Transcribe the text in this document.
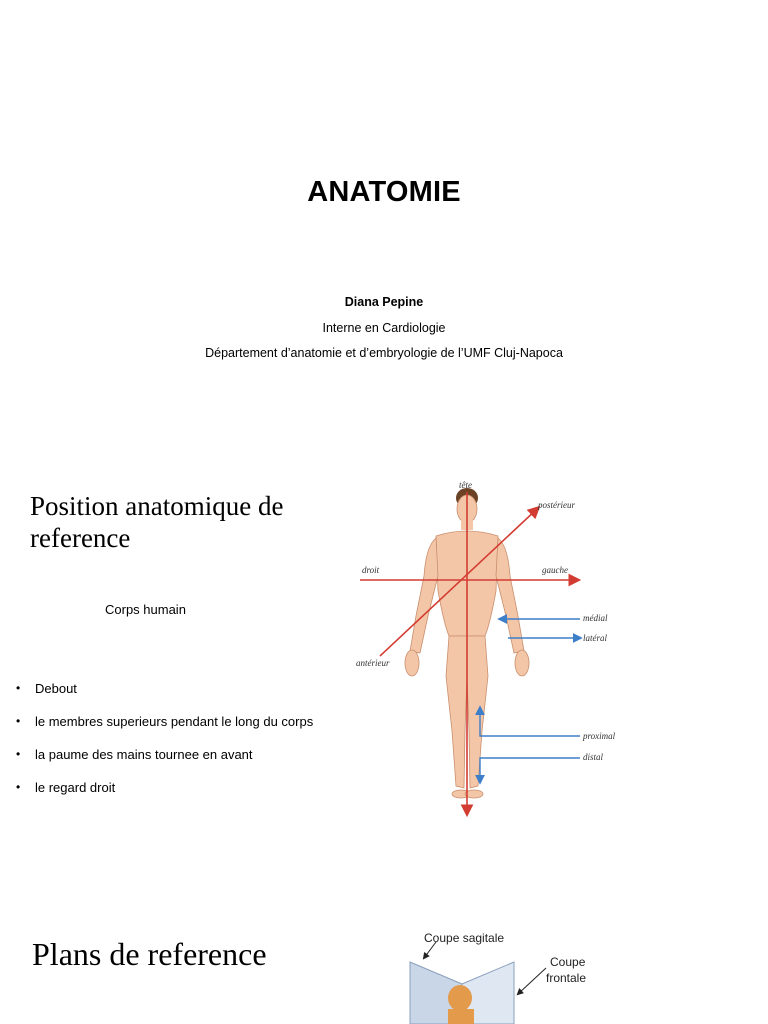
ANATOMIE
Diana Pepine
Interne en Cardiologie
Département d’anatomie et d’embryologie de l’UMF Cluj-Napoca
Position anatomique de reference
Corps humain
• Debout
• le membres superieurs pendant le long du corps
• la paume des mains tournee en avant
• le regard droit
tête
postérieur
droit	gauche
médial
latéral
antérieur
proximal
distal
Plans de reference	Coupe sagitale
Coupe
frontale
